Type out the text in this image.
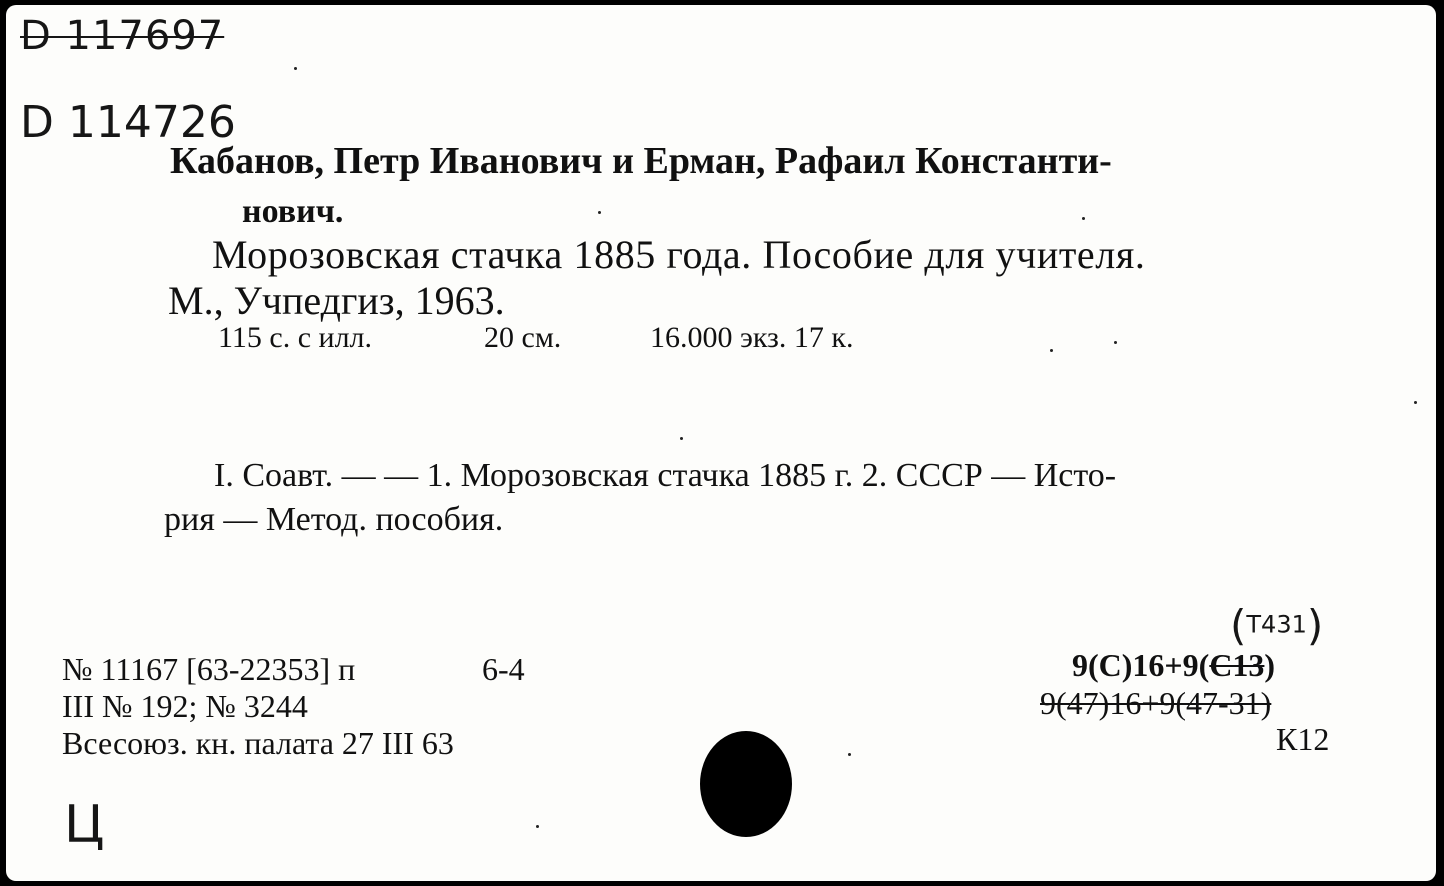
D 117697
D 114726
Кабанов, Петр Иванович и Ерман, Рафаил Константи-
нович.
Морозовская стачка 1885 года. Пособие для учителя.
М., Учпедгиз, 1963.
115 с. с илл.	20 см.	16.000 экз. 17 к.
I. Соавт. — — 1. Морозовская стачка 1885 г. 2. СССР — Исто-
рия — Метод. пособия.
№ 11167 [63-22353] п	6-4
III № 192; № 3244
Всесоюз. кн. палата 27 III 63
(T431)
9(С)16+9(С13)
9(47)16+9(47-31)
К12
Ц
